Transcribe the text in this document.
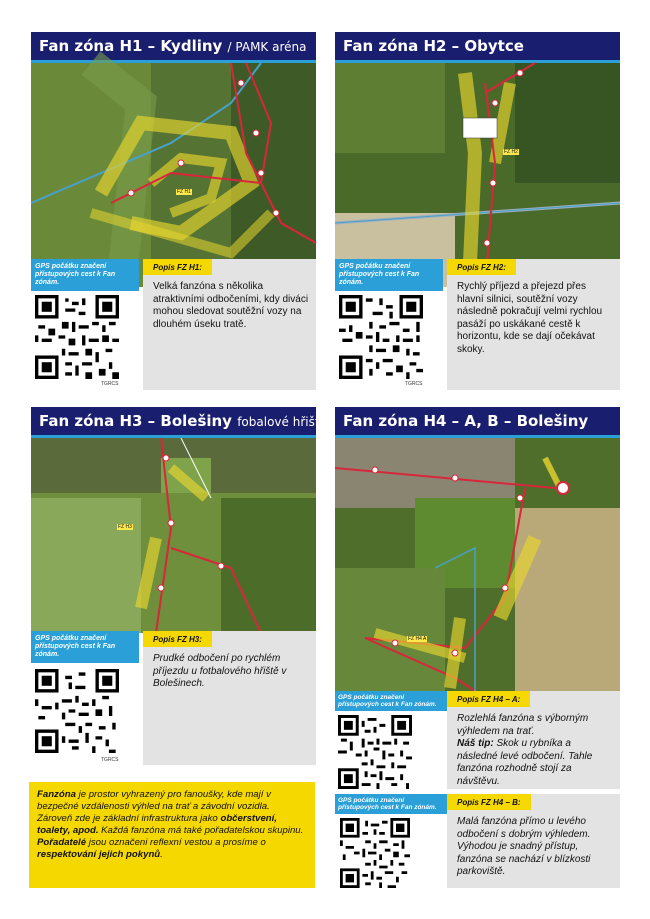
Fan zóna H1 – Kydliny / PAMK aréna
FZ H1
GPS počátku značení přístupových cest k Fan zónám.
TGRCS
Popis FZ H1:
Velká fanzóna s několika atraktivními odbočeními, kdy diváci mohou sledovat soutěžní vozy na dlouhém úseku tratě.
Fan zóna H2 – Obytce
FZ H2
GPS počátku značení přístupových cest k Fan zónám.
TGRCS
Popis FZ H2:
Rychlý příjezd a přejezd přes hlavní silnici, soutěžní vozy následně pokračují velmi rychlou pasáží po uskákané cestě k horizontu, kde se dají očekávat skoky.
Fan zóna H3 – Bolešiny fobalové hřiště
FZ H3
GPS počátku značení přístupových cest k Fan zónám.
TGRCS
Popis FZ H3:
Prudké odbočení po rychlém příjezdu u fotbalového hřiště v Bolešinech.
Fanzóna je prostor vyhrazený pro fanoušky, kde mají v bezpečné vzdálenosti výhled na trať a závodní vozidla. Zároveň zde je základní infrastruktura jako občerstvení, toalety, apod. Každá fanzóna má také pořadatelskou skupinu. Pořadatelé jsou označeni reflexní vestou a prosíme o respektování jejich pokynů.
Fan zóna H4 – A, B – Bolešiny
FZ H4 A
GPS počátku značení přístupových cest k Fan zónám.
Popis FZ H4 – A:
Rozlehlá fanzóna s výborným výhledem na trať.
Náš tip: Skok u rybníka a následné levé odbočení. Tahle fanzóna rozhodně stojí za návštěvu.
GPS počátku značení přístupových cest k Fan zónám.
Popis FZ H4 – B:
Malá fanzóna přímo u levého odbočení s dobrým výhledem. Výhodou je snadný přístup, fanzóna se nachází v blízkosti parkoviště.
